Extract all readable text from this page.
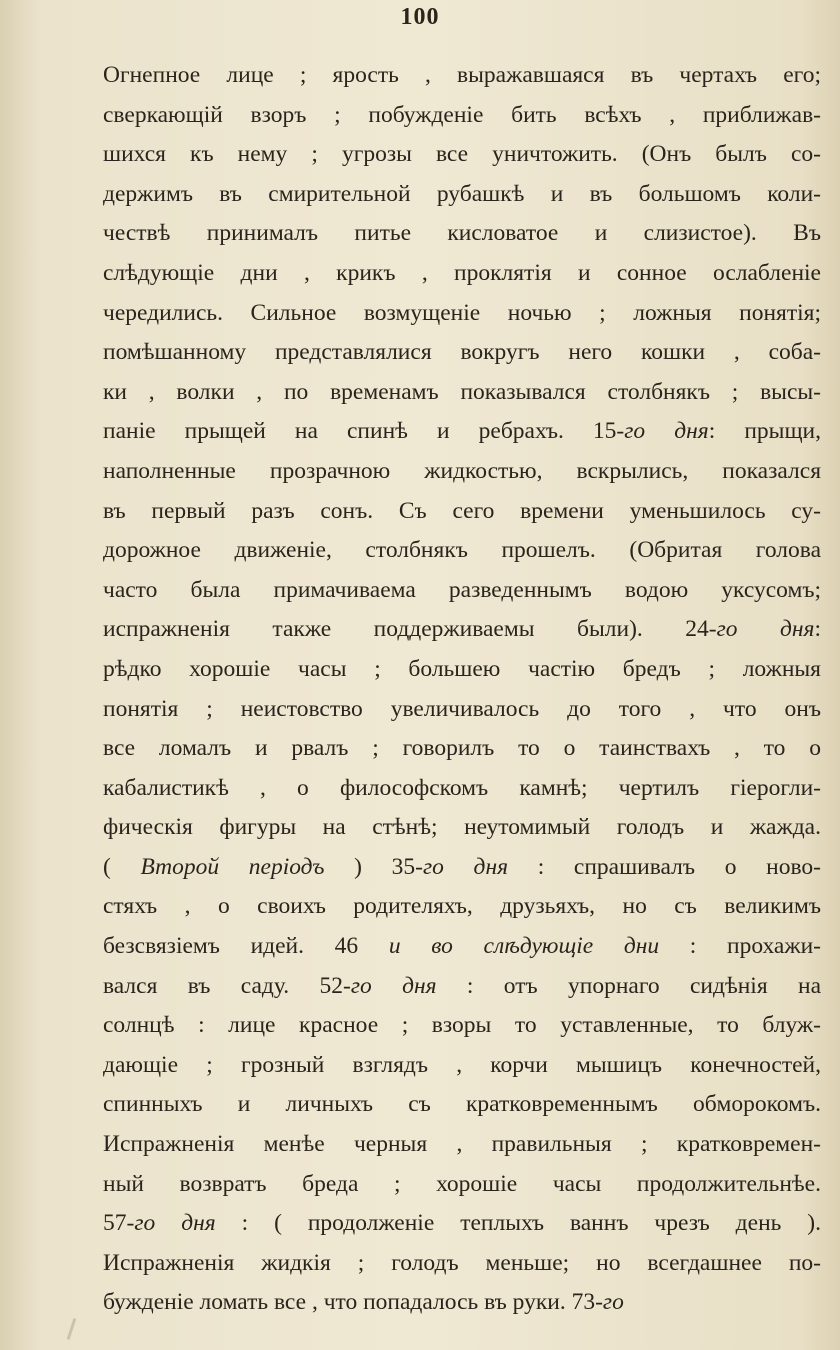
100
Огнепное лице ; ярость , выражавшаяся въ чертахъ его;
сверкающій взоръ ; побужденіе бить всѣхъ , приближав-
шихся къ нему ; угрозы все уничтожить. (Онъ былъ со-
держимъ въ смирительной рубашкѣ и въ большомъ коли-
чествѣ принималъ питье кисловатое и слизистое). Въ
слѣдующіе дни , крикъ , проклятія и сонное ослабленіе
чередились. Сильное возмущеніе ночью ; ложныя понятія;
помѣшанному представлялися вокругъ него кошки , соба-
ки , волки , по временамъ показывался столбнякъ ; высы-
паніе прыщей на спинѣ и ребрахъ. 15-го дня: прыщи,
наполненные прозрачною жидкостью, вскрылись, показался
въ первый разъ сонъ. Съ сего времени уменьшилось су-
дорожное движеніе, столбнякъ прошелъ. (Обритая голова
часто была примачиваема разведеннымъ водою уксусомъ;
испражненія также поддерживаемы были). 24-го дня:
рѣдко хорошіе часы ; большею частію бредъ ; ложныя
понятія ; неистовство увеличивалось до того , что онъ
все ломалъ и рвалъ ; говорилъ то о таинствахъ , то о
кабалистикѣ , о философскомъ камнѣ; чертилъ гіерогли-
фическія фигуры на стѣнѣ; неутомимый голодъ и жажда.
( Второй періодъ ) 35-го дня : спрашивалъ о ново-
стяхъ , о своихъ родителяхъ, друзьяхъ, но съ великимъ
безсвязіемъ идей. 46 и во слѣдующіе дни : прохажи-
вался въ саду. 52-го дня : отъ упорнаго сидѣнія на
солнцѣ : лице красное ; взоры то уставленные, то блуж-
дающіе ; грозный взглядъ , корчи мышицъ конечностей,
спинныхъ и личныхъ съ кратковременнымъ обморокомъ.
Испражненія менѣе черныя , правильныя ; кратковремен-
ный возвратъ бреда ; хорошіе часы продолжительнѣе.
57-го дня : ( продолженіе теплыхъ ваннъ чрезъ день ).
Испражненія жидкія ; голодъ меньше; но всегдашнее по-
бужденіе ломать все , что попадалось въ руки. 73-го
